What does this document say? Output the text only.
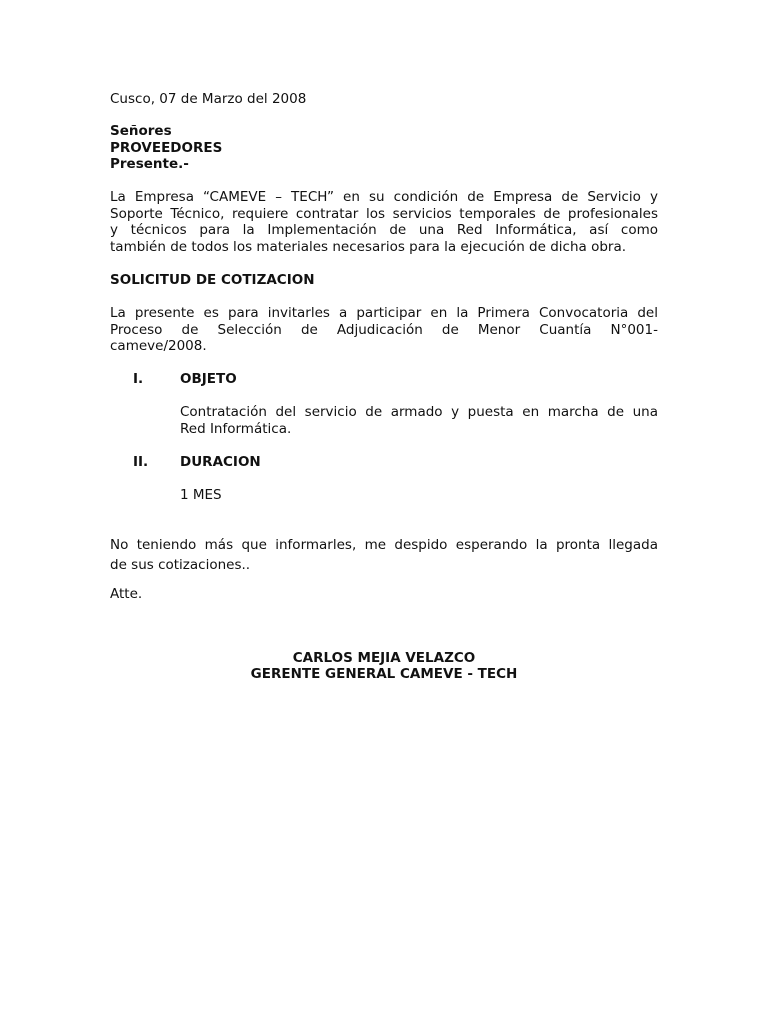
Cusco, 07 de Marzo del 2008
Señores
PROVEEDORES
Presente.-
La Empresa “CAMEVE – TECH” en su condición de Empresa de Servicio y
Soporte Técnico, requiere contratar los servicios temporales de profesionales
y técnicos para la Implementación de una Red Informática, así como
también de todos los materiales necesarios para la ejecución de dicha obra.
SOLICITUD DE COTIZACION
La presente es para invitarles a participar en la Primera Convocatoria del
Proceso de Selección de Adjudicación de Menor Cuantía N°001-
cameve/2008.
I.	OBJETO
Contratación del servicio de armado y puesta en marcha de una
Red Informática.
II. DURACION
1 MES
No teniendo más que informarles, me despido esperando la pronta llegada
de sus cotizaciones..
Atte.
CARLOS MEJIA VELAZCO
GERENTE GENERAL CAMEVE - TECH
